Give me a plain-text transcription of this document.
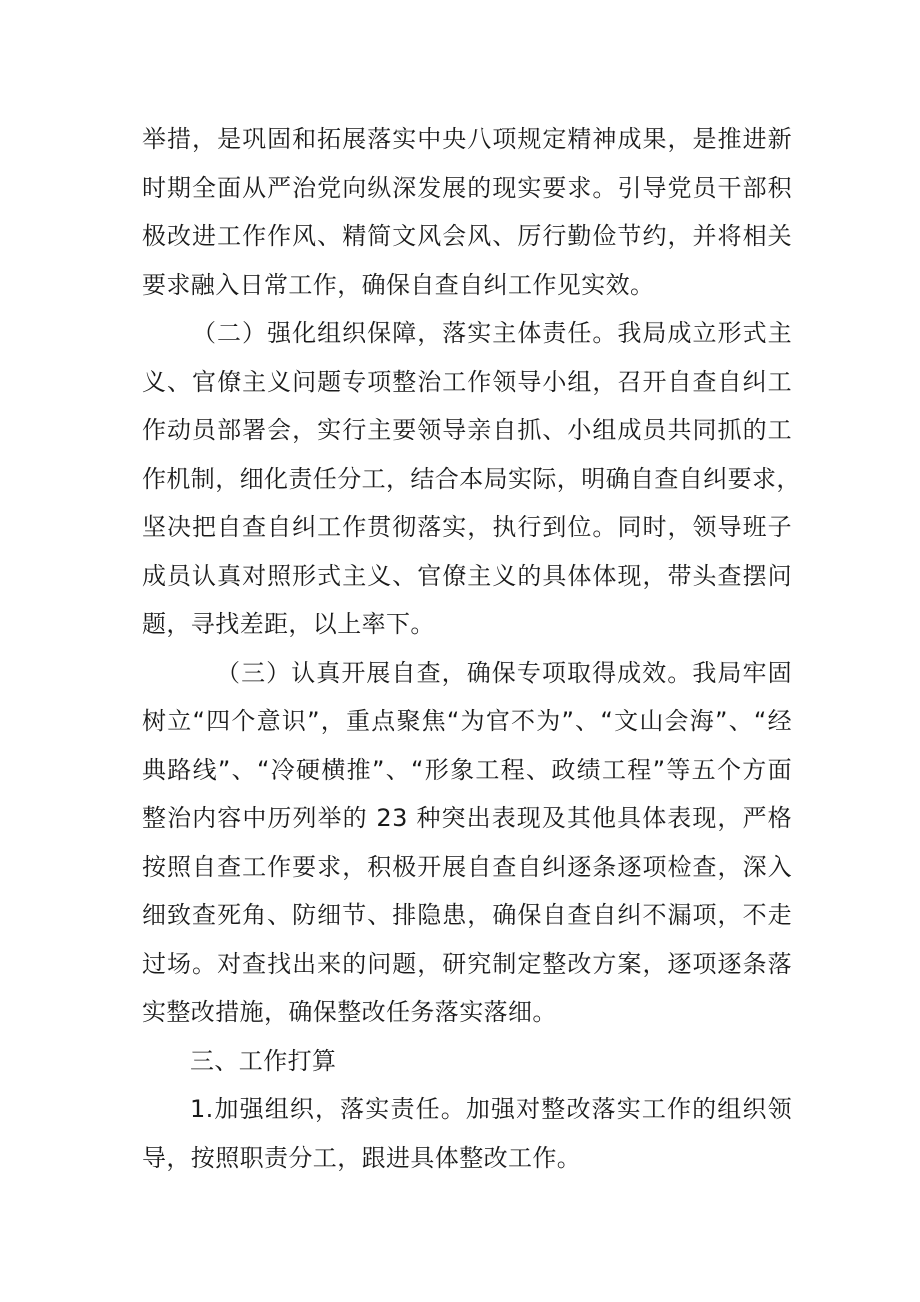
举措，是巩固和拓展落实中央八项规定精神成果，是推进新
时期全面从严治党向纵深发展的现实要求。引导党员干部积
极改进工作作风、精简文风会风、厉行勤俭节约，并将相关
要求融入日常工作，确保自查自纠工作见实效。
（二）强化组织保障，落实主体责任。我局成立形式主
义、官僚主义问题专项整治工作领导小组，召开自查自纠工
作动员部署会，实行主要领导亲自抓、小组成员共同抓的工
作机制，细化责任分工，结合本局实际，明确自查自纠要求，
坚决把自查自纠工作贯彻落实，执行到位。同时，领导班子
成员认真对照形式主义、官僚主义的具体体现，带头查摆问
题，寻找差距，以上率下。
（三）认真开展自查，确保专项取得成效。我局牢固
树立“四个意识”，重点聚焦“为官不为”、“文山会海”、“经
典路线”、“冷硬横推”、“形象工程、政绩工程”等五个方面
整治内容中历列举的 23 种突出表现及其他具体表现，严格
按照自查工作要求，积极开展自查自纠逐条逐项检查，深入
细致查死角、防细节、排隐患，确保自查自纠不漏项，不走
过场。对查找出来的问题，研究制定整改方案，逐项逐条落
实整改措施，确保整改任务落实落细。
三、工作打算
1.加强组织，落实责任。加强对整改落实工作的组织领
导，按照职责分工，跟进具体整改工作。
